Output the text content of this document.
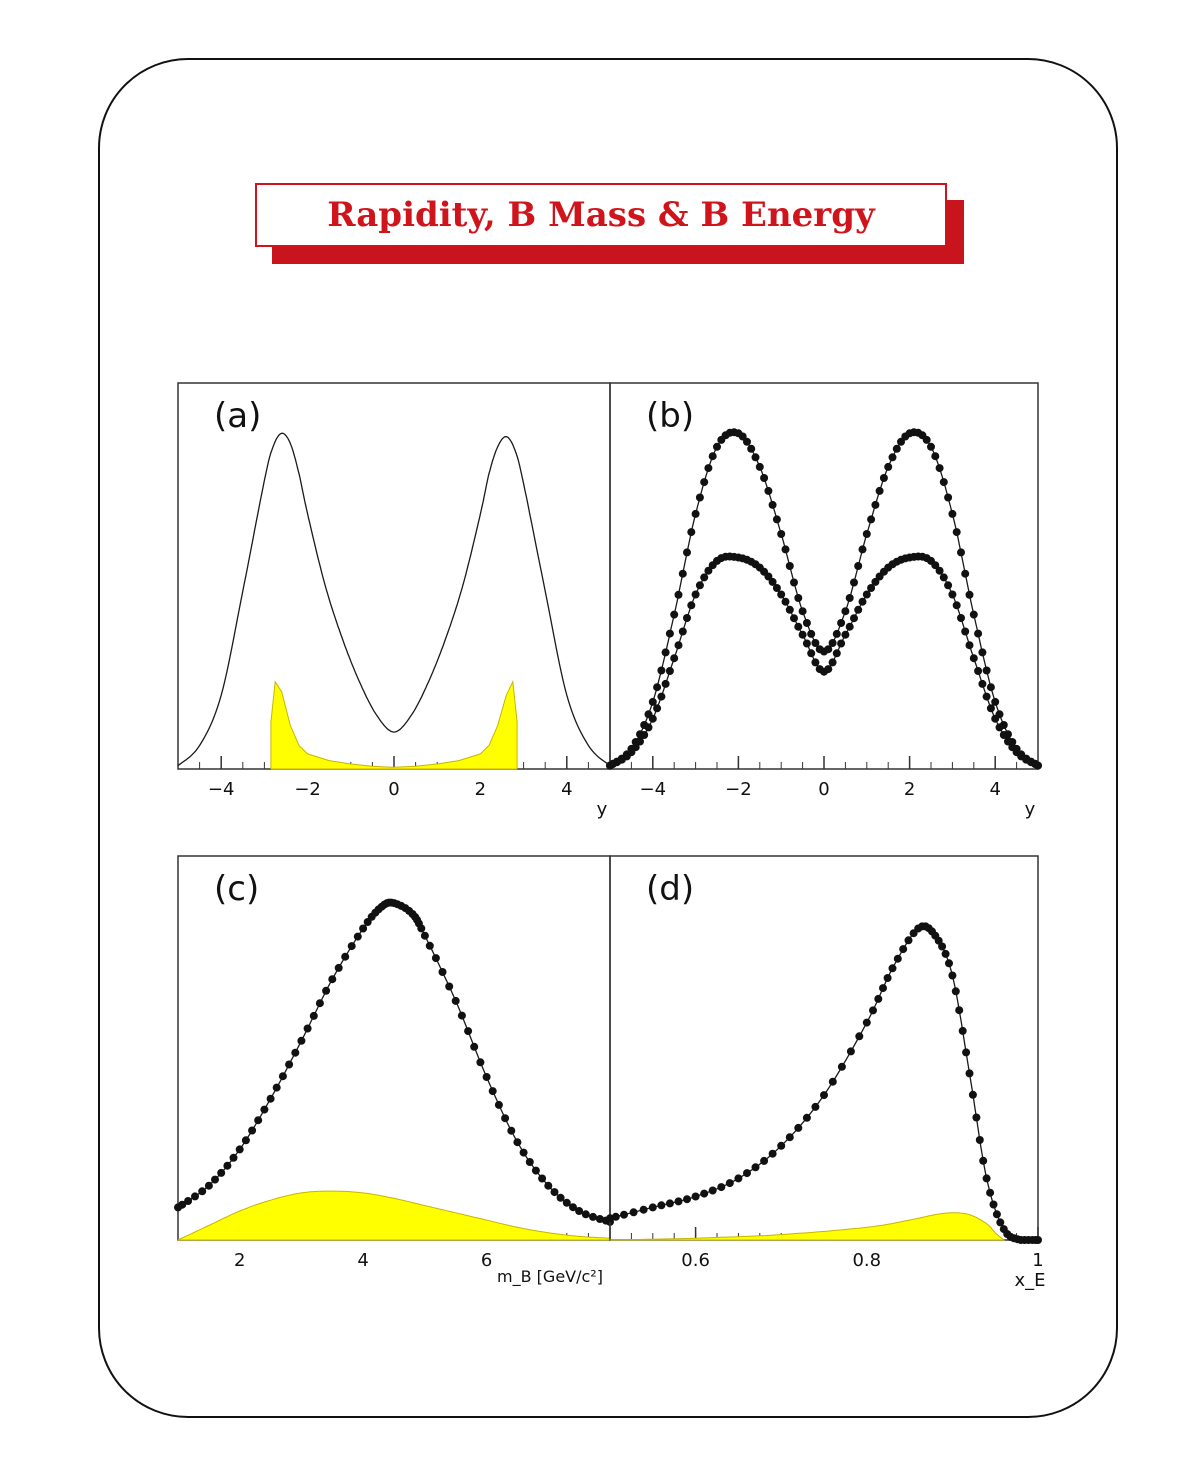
Rapidity, B Mass & B Energy
−4	−2	0	2	4
y
(a)
−4	−2	0	2	4
y
(b)
2	4	6
m_B [GeV/c²]
(c)
0.6	0.8	1
x_E
(d)
